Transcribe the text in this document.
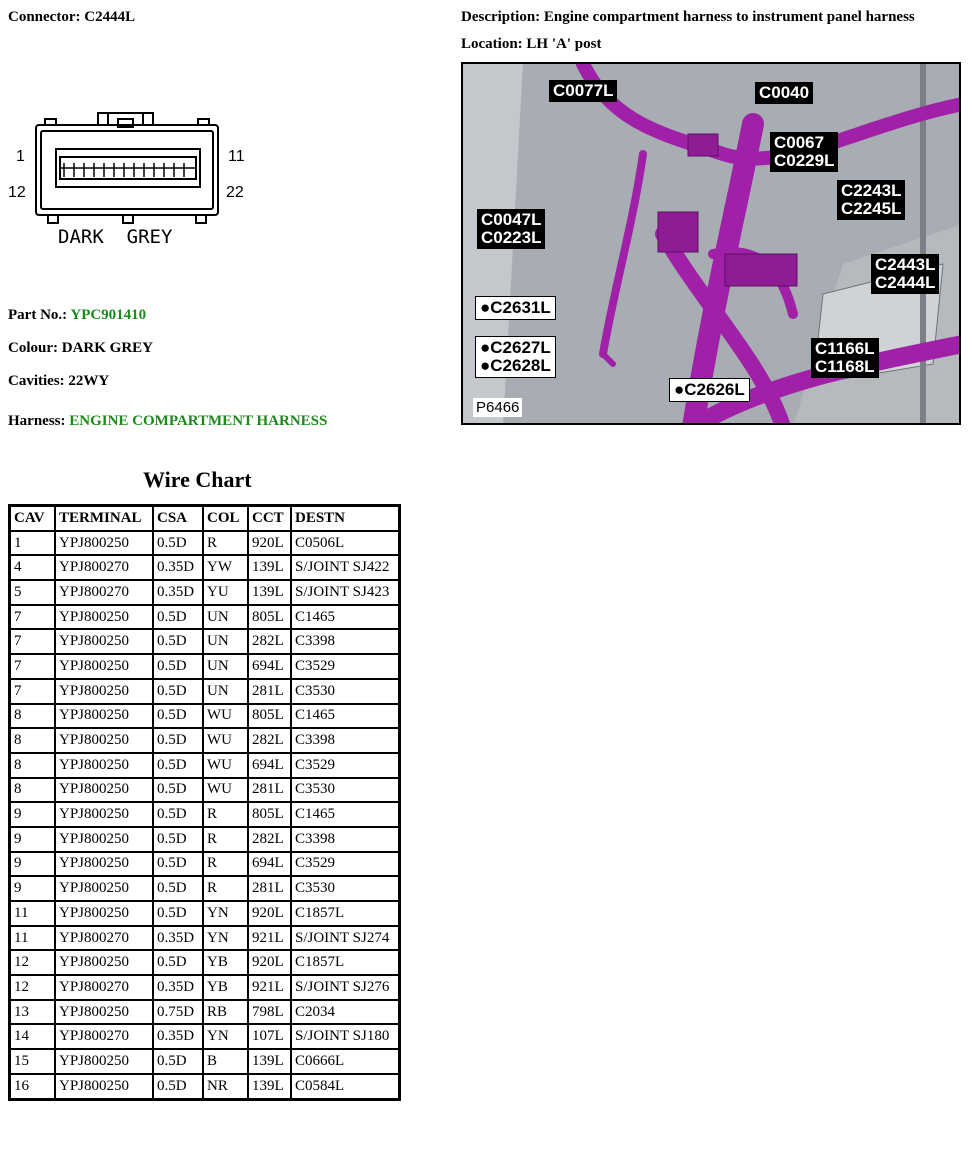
Connector: C2444L	Description: Engine compartment harness to instrument panel harness
Location: LH 'A' post
1	11
12	22
DARK  GREY
Part No.: YPC901410
Colour: DARK GREY
Cavities: 22WY
Harness: ENGINE COMPARTMENT HARNESS
C0077L	C0040
C0067
C0229L
C2243L
C2245L
C0047L
C0223L
C2443L
C2444L
●C2631L
●C2627L
●C2628L
C1166L
C1168L
●C2626L
P6466
Wire Chart
CAV	TERMINAL	CSA	COL	CCT	DESTN
1	YPJ800250	0.5D	R	920L	C0506L
4	YPJ800270	0.35D	YW	139L	S/JOINT SJ422
5	YPJ800270	0.35D	YU	139L	S/JOINT SJ423
7	YPJ800250	0.5D	UN	805L	C1465
7	YPJ800250	0.5D	UN	282L	C3398
7	YPJ800250	0.5D	UN	694L	C3529
7	YPJ800250	0.5D	UN	281L	C3530
8	YPJ800250	0.5D	WU	805L	C1465
8	YPJ800250	0.5D	WU	282L	C3398
8	YPJ800250	0.5D	WU	694L	C3529
8	YPJ800250	0.5D	WU	281L	C3530
9	YPJ800250	0.5D	R	805L	C1465
9	YPJ800250	0.5D	R	282L	C3398
9	YPJ800250	0.5D	R	694L	C3529
9	YPJ800250	0.5D	R	281L	C3530
11	YPJ800250	0.5D	YN	920L	C1857L
11	YPJ800270	0.35D	YN	921L	S/JOINT SJ274
12	YPJ800250	0.5D	YB	920L	C1857L
12	YPJ800270	0.35D	YB	921L	S/JOINT SJ276
13	YPJ800250	0.75D	RB	798L	C2034
14	YPJ800270	0.35D	YN	107L	S/JOINT SJ180
15	YPJ800250	0.5D	B	139L	C0666L
16	YPJ800250	0.5D	NR	139L	C0584L
